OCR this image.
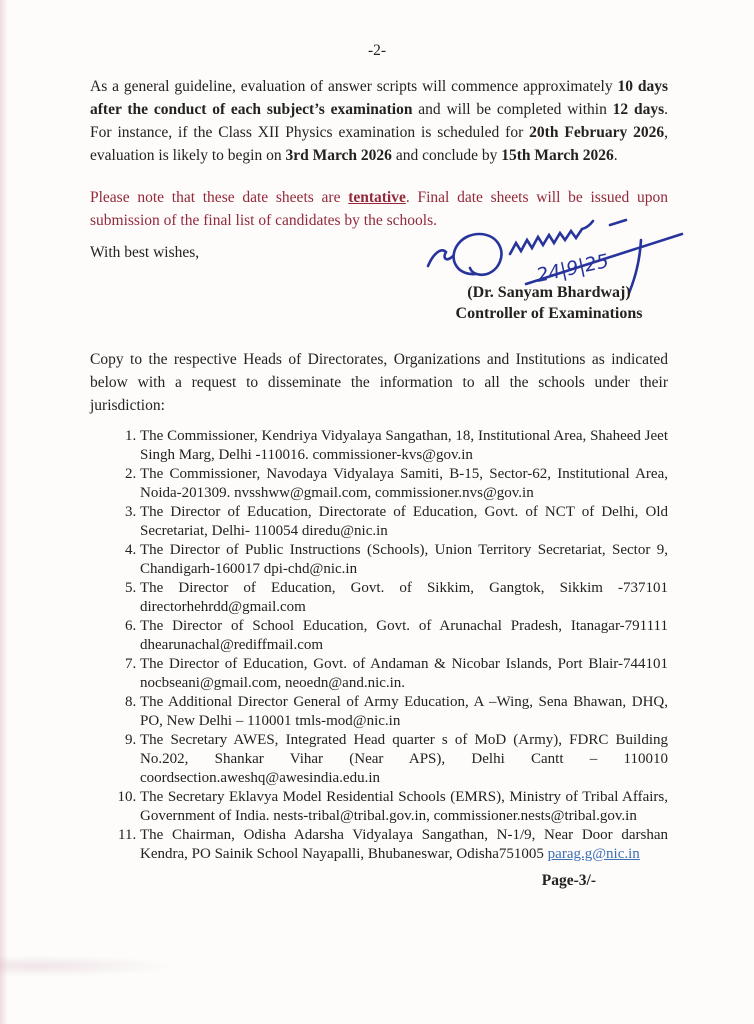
-2-

As a general guideline, evaluation of answer scripts will commence approximately 10 days after the conduct of each subject’s examination and will be completed within 12 days. For instance, if the Class XII Physics examination is scheduled for 20th February 2026, evaluation is likely to begin on 3rd March 2026 and conclude by 15th March 2026.

Please note that these date sheets are tentative. Final date sheets will be issued upon submission of the final list of candidates by the schools.

With best wishes,	24|9|25
(Dr. Sanyam Bhardwaj)
Controller of Examinations

Copy to the respective Heads of Directorates, Organizations and Institutions as indicated below with a request to disseminate the information to all the schools under their jurisdiction:

1. The Commissioner, Kendriya Vidyalaya Sangathan, 18, Institutional Area, Shaheed Jeet Singh Marg, Delhi -110016. commissioner-kvs@gov.in
2. The Commissioner, Navodaya Vidyalaya Samiti, B-15, Sector-62, Institutional Area, Noida-201309. nvsshww@gmail.com, commissioner.nvs@gov.in
3. The Director of Education, Directorate of Education, Govt. of NCT of Delhi, Old Secretariat, Delhi- 110054 diredu@nic.in
4. The Director of Public Instructions (Schools), Union Territory Secretariat, Sector 9, Chandigarh-160017 dpi-chd@nic.in
5. The Director of Education, Govt. of Sikkim, Gangtok, Sikkim -737101 directorhehrdd@gmail.com
6. The Director of School Education, Govt. of Arunachal Pradesh, Itanagar-791111 dhearunachal@rediffmail.com
7. The Director of Education, Govt. of Andaman & Nicobar Islands, Port Blair-744101 nocbseani@gmail.com, neoedn@and.nic.in.
8. The Additional Director General of Army Education, A –Wing, Sena Bhawan, DHQ, PO, New Delhi – 110001 tmls-mod@nic.in
9. The Secretary AWES, Integrated Head quarter s of MoD (Army), FDRC Building No.202, Shankar Vihar (Near APS), Delhi Cantt – 110010 coordsection.aweshq@awesindia.edu.in
10. The Secretary Eklavya Model Residential Schools (EMRS), Ministry of Tribal Affairs, Government of India. nests-tribal@tribal.gov.in, commissioner.nests@tribal.gov.in
11. The Chairman, Odisha Adarsha Vidyalaya Sangathan, N-1/9, Near Door darshan Kendra, PO Sainik School Nayapalli, Bhubaneswar, Odisha751005 parag.g@nic.in
Page-3/-
